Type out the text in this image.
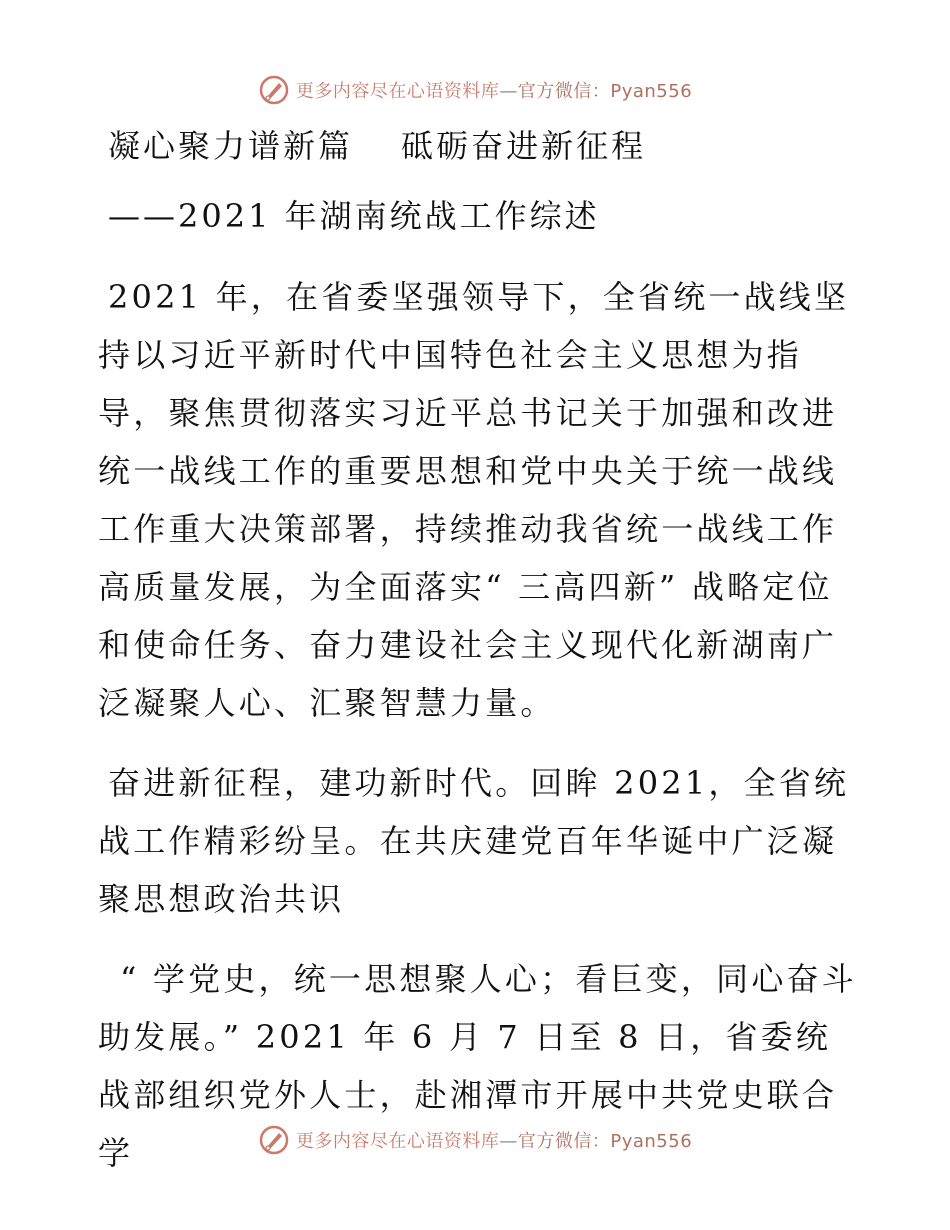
更多内容尽在心语资料库—官方微信：Pyan556
凝心聚力谱新篇　 砥砺奋进新征程
——2021 年湖南统战工作综述

2021 年，在省委坚强领导下，全省统一战线坚持以习近平新时代中国特色社会主义思想为指导，聚焦贯彻落实习近平总书记关于加强和改进统一战线工作的重要思想和党中央关于统一战线工作重大决策部署，持续推动我省统一战线工作高质量发展，为全面落实“ 三高四新” 战略定位和使命任务、奋力建设社会主义现代化新湖南广泛凝聚人心、汇聚智慧力量。

奋进新征程，建功新时代。回眸 2021，全省统战工作精彩纷呈。在共庆建党百年华诞中广泛凝聚思想政治共识

“ 学党史，统一思想聚人心；看巨变，同心奋斗助发展。” 2021 年 6 月 7 日至 8 日，省委统战部组织党外人士，赴湘潭市开展中共党史联合学	更多内容尽在心语资料库—官方微信：Pyan556
